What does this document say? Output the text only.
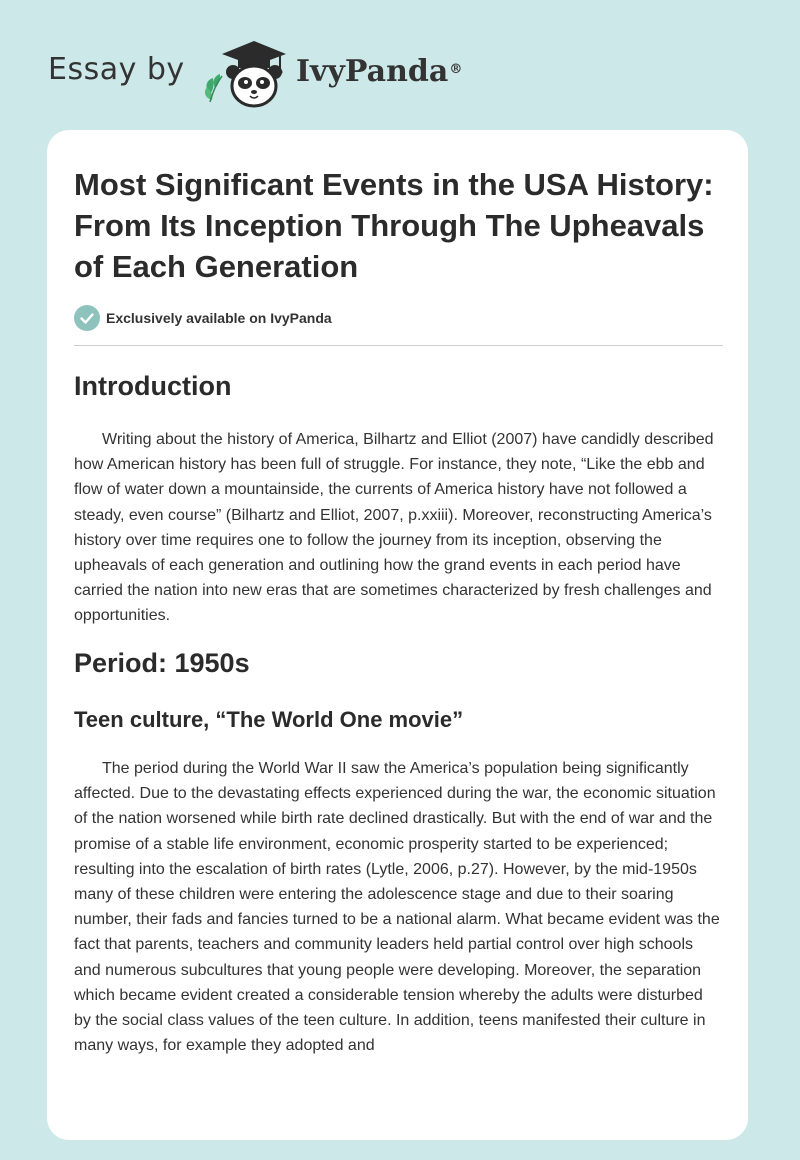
Essay by	IvyPanda®
Most Significant Events in the USA History: From Its Inception Through The Upheavals of Each Generation
Exclusively available on IvyPanda
Introduction

Writing about the history of America, Bilhartz and Elliot (2007) have candidly described how American history has been full of struggle. For instance, they note, “Like the ebb and flow of water down a mountainside, the currents of America history have not followed a steady, even course” (Bilhartz and Elliot, 2007, p.xxiii). Moreover, reconstructing America’s history over time requires one to follow the journey from its inception, observing the upheavals of each generation and outlining how the grand events in each period have carried the nation into new eras that are sometimes characterized by fresh challenges and opportunities.

Period: 1950s
Teen culture, “The World One movie”

The period during the World War II saw the America’s population being significantly affected. Due to the devastating effects experienced during the war, the economic situation of the nation worsened while birth rate declined drastically. But with the end of war and the promise of a stable life environment, economic prosperity started to be experienced; resulting into the escalation of birth rates (Lytle, 2006, p.27). However, by the mid-1950s many of these children were entering the adolescence stage and due to their soaring number, their fads and fancies turned to be a national alarm. What became evident was the fact that parents, teachers and community leaders held partial control over high schools and numerous subcultures that young people were developing. Moreover, the separation which became evident created a considerable tension whereby the adults were disturbed by the social class values of the teen culture. In addition, teens manifested their culture in many ways, for example they adopted and
